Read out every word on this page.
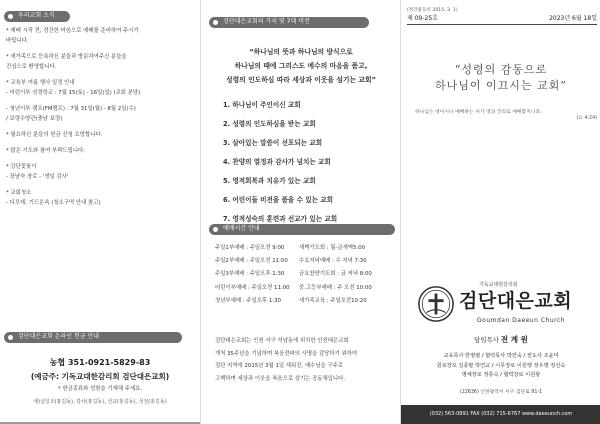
우리교회 소식
* 예배 시작 전, 경건한 마음으로 예배를 준비하여 주시기
바랍니다.
* 새가족으로 등록하신 분들과 방문하여주신 분들을
진심으로 환영합니다.
* 교육부 여름 행사 일정 안내
- 어린이부 성경학교 : 7월 15(토) - 16일(일) (교회 본당)
- 청년이부 캠프(FM캠프) : 7월 31일(월) - 8월 2일(수)
/ 보령수양관(충남 보령)
* 필요하신 분들의 헌금 신청 요망합니다.
* 많은 기도와 참여 부탁드립니다.
* 강단꽃꽂이
- 장남숙 장로 - '생일 감사'
* 교회청소
- 디모데, 기드온속 (청소구역 안내 참고)
검단대은교회 온라인 헌금 안내
농협 351-0921-5829-83
(예금주: 기독교대한감리회 검단대은교회)
* 헌금종류와 성함을 기재해 주세요.
예)십일조(홍길동), 감사(홍길동), 선교(홍길동), 성전(홍길동)
검단대은교회의 가치 및 7대 비전
“하나님의 뜻과 하나님의 방식으로
하나님의 때에 그리스도 예수의 마음을 품고,
성령의 인도하심 따라 세상과 이웃을 섬기는 교회”
1. 하나님이 주인이신 교회
2. 성령의 인도하심을 받는 교회
3. 살아있는 말씀이 선포되는 교회
4. 찬양의 열정과 감사가 넘치는 교회
5. 영적회복과 치유가 있는 교회
6. 어린이들 비전을 품을 수 있는 교회
7. 영적성숙의 훈련과 선교가 있는 교회
예배시간 안내
주일1부예배 : 주일오전 9:00	새벽기도회 : 월-금새벽5:00
주일2부예배 : 주일오전 11:00	수요저녁예배 : 수 저녁 7:30
주일3부예배 : 주일오후 1:30	금요찬양기도회 : 금 저녁 8:00
어린이부예배 : 주일오전 11:00	중.고등부예배 : 주 오전 10:00
청년부예배 : 주일오후 1:30	새가족교육 : 주일오전10:20
검단대은교회는 인천 서구 석남동에 위치한 인천대은교회
개척 35주년을 기념하며 복음전파의 사명을 감당하기 위하여
검단 지역에 2015년 3월 1일 세워진, 예수님을 구주로
고백하며 세상과 이웃을 복음으로 섬기는 공동체입니다.
(정간물등록 2015. 3. 1)
제 09-25호	2023년 6월 18일
“성령의 감동으로
하나님이 이끄시는 교회”
하나님은 영이시니 예배하는 자가 영과 진리로 예배할지니라.
(요 4:24)
기독교대한감리회
검단대은교회
Goumdan Daeeun Church
담임목사 전 계 원
교육목사 한명렬 / 협력목사 박연숙 / 전도사 조윤미
원로장로 김종팔 박연교 / 시무장로 이원행 정우명 정선숙
명예장로 정통숙 / 협력장로 이원왕
(22636) 인천광역시 서구 검단로 91-1
(032) 563-0891 FAX (032) 715-6767 www.daeeunch.com
